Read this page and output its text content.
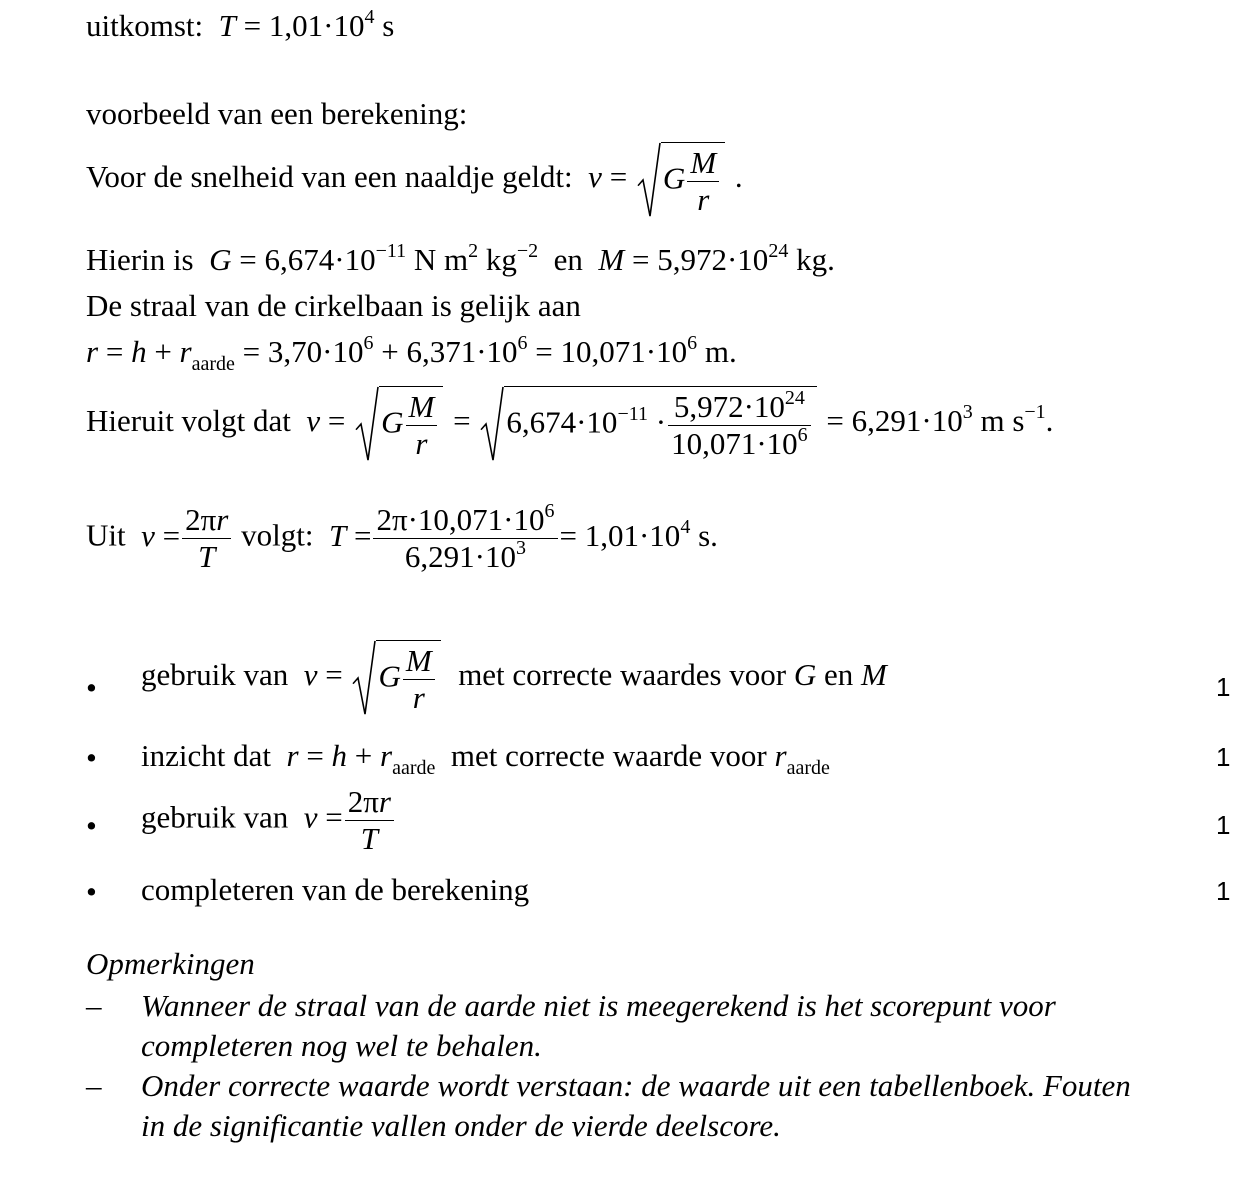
uitkomst: $T = 1,01\cdot 10^4$ s
voorbeeld van een berekening:
Voor de snelheid van een naaldje geldt: v =
G $\frac{M}{r}$ .
Hierin is $G = 6,674\cdot 10^{-11}$ N $m^2$ $kg^{-2}$ en $M = 5,972\cdot 10^{24}$ kg.
De straal van de cirkelbaan is gelijk aan
$r = h + r_{aarde} = 3,70\cdot 10^6 + 6,371\cdot 10^6 = 10,071\cdot 10^6$ m.
Hieruit volgt dat v =
G $\frac{M}{r}$ =
$6,674\cdot 10^{-11} \cdot \frac{5,972\cdot 10^{24}}{10,071\cdot 10^6} = 6,291\cdot 10^3$ m $s^{-1}$.
Uit $v = \frac{2\pi r}{T} volgt$: $T = \frac{2\pi\cdot 10,071\cdot 10^6}{6,291\cdot 10^3} = 1,01\cdot 10^4$ s.
• gebruik van v =
G $\frac{M}{r}$ met correcte waardes voor G en M	1
• inzicht dat $r = h + r_{aarde}$ met correcte waarde voor $r_{aarde}$	1
• gebruik van $v = \frac{2\pi r}{T}$	1
• completeren van de berekening	1
Opmerkingen
– Wanneer de straal van de aarde niet is meegerekend is het scorepunt voor completeren nog wel te behalen.
– Onder correcte waarde wordt verstaan: de waarde uit een tabellenboek. Fouten in de significantie vallen onder de vierde deelscore.
